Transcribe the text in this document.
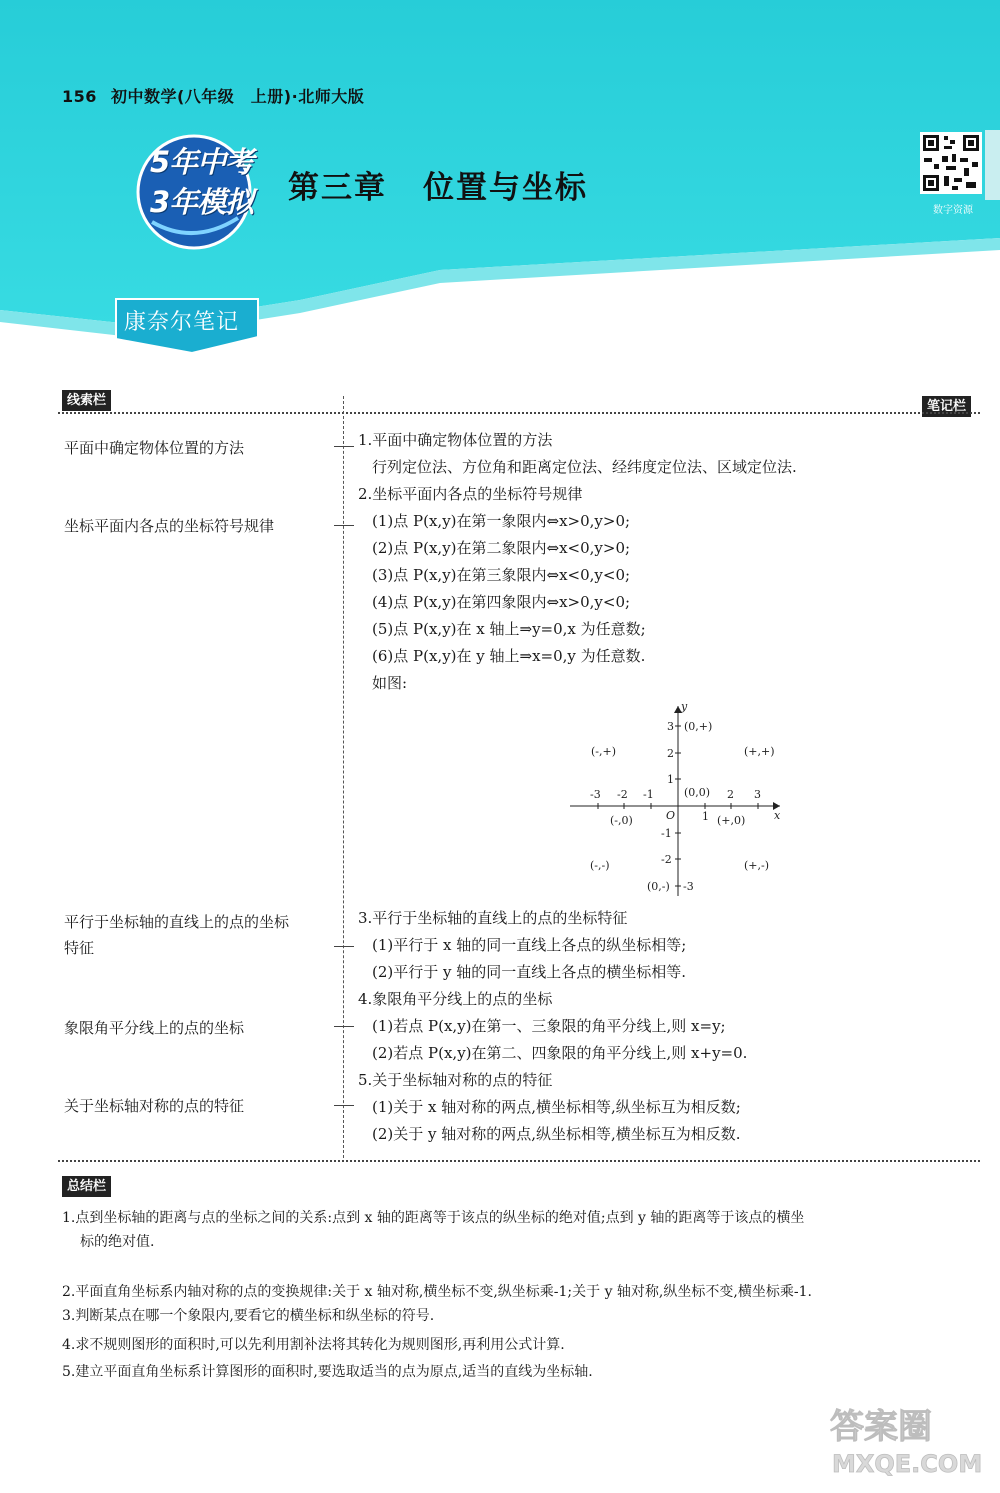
156 初中数学(八年级　上册)·北师大版
5年中考
3年模拟 第三章 位置与坐标
数字资源
康奈尔笔记
线索栏	笔记栏
平面中确定物体位置的方法
坐标平面内各点的坐标符号规律
平行于坐标轴的直线上的点的坐标
特征
象限角平分线上的点的坐标
关于坐标轴对称的点的特征
1.平面中确定物体位置的方法
行列定位法、方位角和距离定位法、经纬度定位法、区域定位法.
2.坐标平面内各点的坐标符号规律
(1)点 P(x,y)在第一象限内⇔x>0,y>0;
(2)点 P(x,y)在第二象限内⇔x<0,y>0;
(3)点 P(x,y)在第三象限内⇔x<0,y<0;
(4)点 P(x,y)在第四象限内⇔x>0,y<0;
(5)点 P(x,y)在 x 轴上⇒y=0,x 为任意数;
(6)点 P(x,y)在 y 轴上⇒x=0,y 为任意数.
如图:
y
x
O
-3 -2 -1
1
2 3
1
2
3
-1
-2
-3
(+,+)
(-,+)
(-,-)	(+,-)
(0,+)
(0,0)
(+,0)
(-,0)
(0,-)
3.平行于坐标轴的直线上的点的坐标特征
(1)平行于 x 轴的同一直线上各点的纵坐标相等;
(2)平行于 y 轴的同一直线上各点的横坐标相等.
4.象限角平分线上的点的坐标
(1)若点 P(x,y)在第一、三象限的角平分线上,则 x=y;
(2)若点 P(x,y)在第二、四象限的角平分线上,则 x+y=0.
5.关于坐标轴对称的点的特征
(1)关于 x 轴对称的两点,横坐标相等,纵坐标互为相反数;
(2)关于 y 轴对称的两点,纵坐标相等,横坐标互为相反数.
总结栏
1.点到坐标轴的距离与点的坐标之间的关系:点到 x 轴的距离等于该点的纵坐标的绝对值;点到 y 轴的距离等于该点的横坐
标的绝对值.
2.平面直角坐标系内轴对称的点的变换规律:关于 x 轴对称,横坐标不变,纵坐标乘-1;关于 y 轴对称,纵坐标不变,横坐标乘-1.
3.判断某点在哪一个象限内,要看它的横坐标和纵坐标的符号.
4.求不规则图形的面积时,可以先利用割补法将其转化为规则图形,再利用公式计算.
5.建立平面直角坐标系计算图形的面积时,要选取适当的点为原点,适当的直线为坐标轴.
答案圈
MXQE.COM
